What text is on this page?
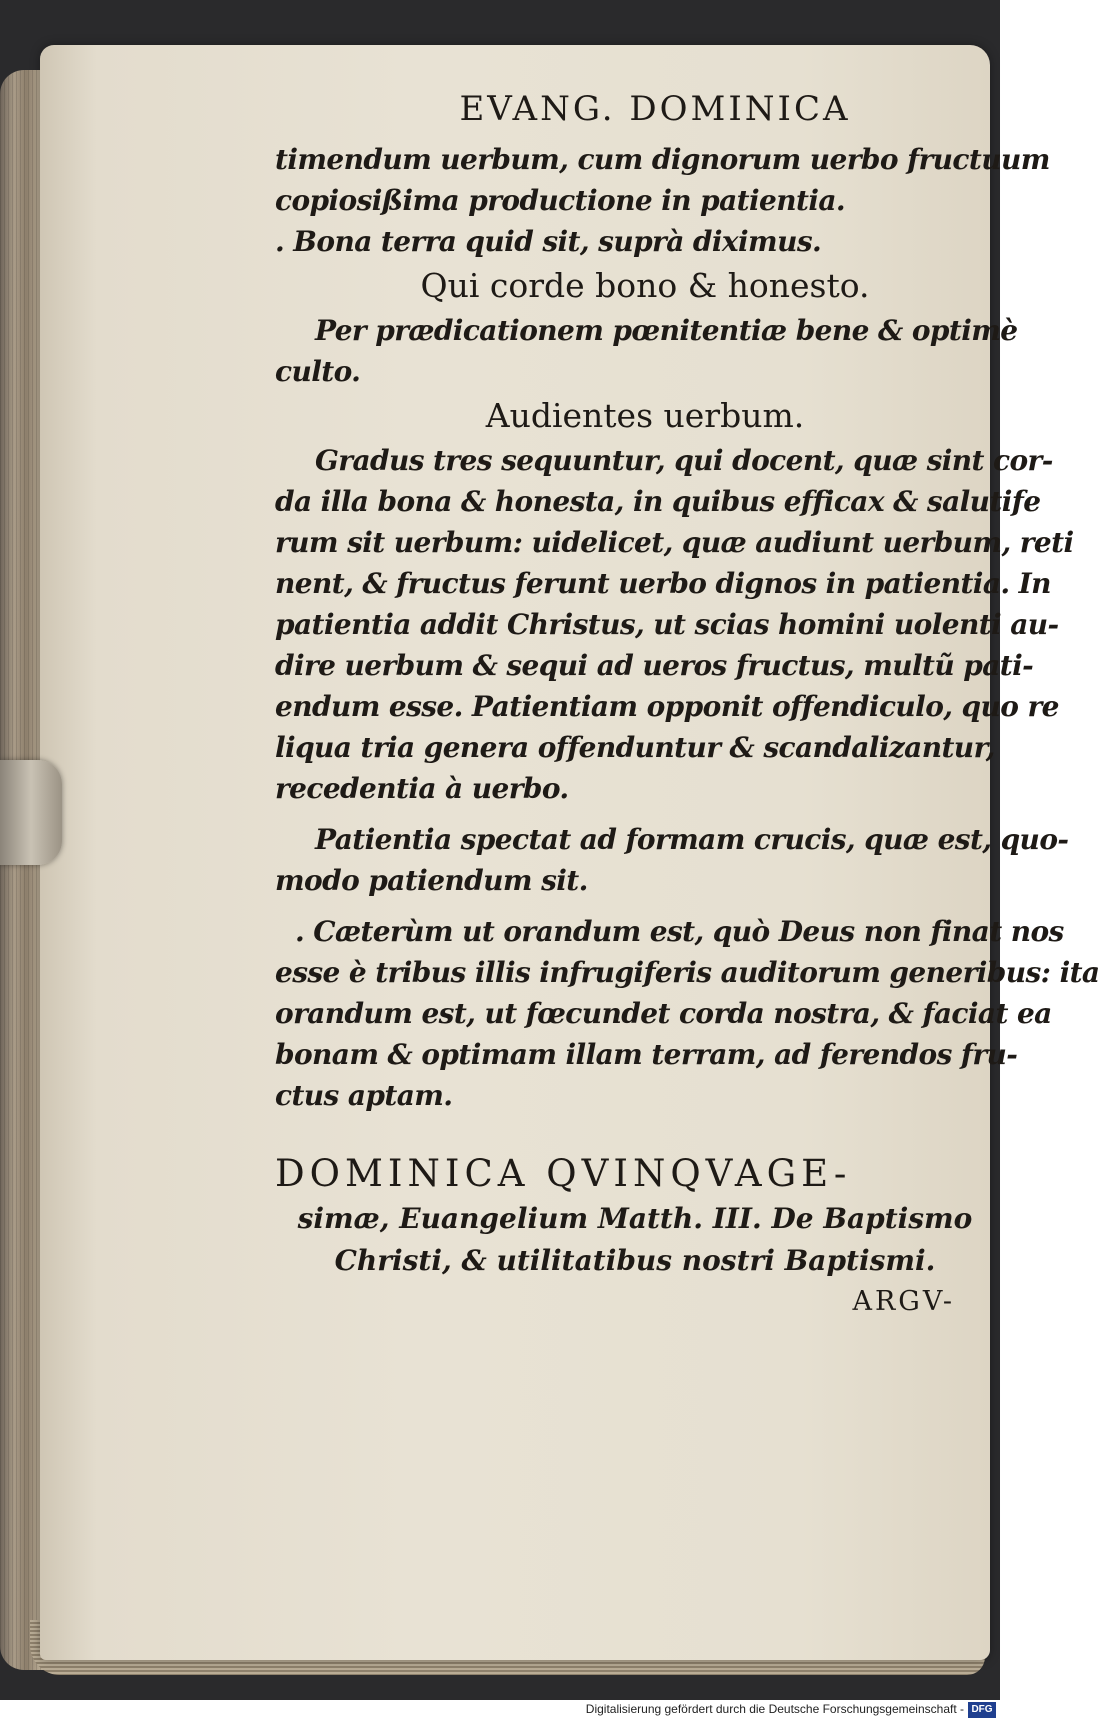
EVANG. DOMINICA
timendum uerbum, cum dignorum uerbo fructuum
copiosißima productione in patientia.
. Bona terra quid sit, suprà diximus.
Qui corde bono & honesto.
Per prædicationem pœnitentiæ bene & optimè
culto.
Audientes uerbum.
Gradus tres sequuntur, qui docent, quæ sint cor-
da illa bona & honesta, in quibus efficax & salutife
rum sit uerbum: uidelicet, quæ audiunt uerbum, reti
nent, & fructus ferunt uerbo dignos in patientia. In
patientia addit Christus, ut scias homini uolenti au-
dire uerbum & sequi ad ueros fructus, multũ pati-
endum esse. Patientiam opponit offendiculo, quo re
liqua tria genera offenduntur & scandalizantur,
recedentia à uerbo.
Patientia spectat ad formam crucis, quæ est, quo-
modo patiendum sit.
. Cæterùm ut orandum est, quò Deus non finat nos
esse è tribus illis infrugiferis auditorum generibus: ita
orandum est, ut fœcundet corda nostra, & faciat ea
bonam & optimam illam terram, ad ferendos fru-
ctus aptam.
DOMINICA QVINQVAGE-
simæ, Euangelium Matth. III. De Baptismo
Christi, & utilitatibus nostri Baptismi.
ARGV-
Digitalisierung gefördert durch die Deutsche Forschungsgemeinschaft - DFG
